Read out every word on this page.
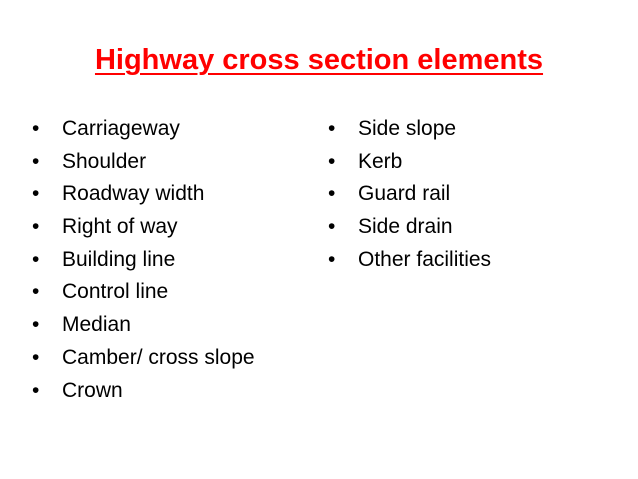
Highway cross section elements
•
Carriageway
•
Shoulder
•
Roadway width
•
Right of way
•
Building line
•
Control line
•
Median
•
Camber/ cross slope
•
Crown
•
Side slope
•
Kerb
•
Guard rail
•
Side drain
•
Other facilities
